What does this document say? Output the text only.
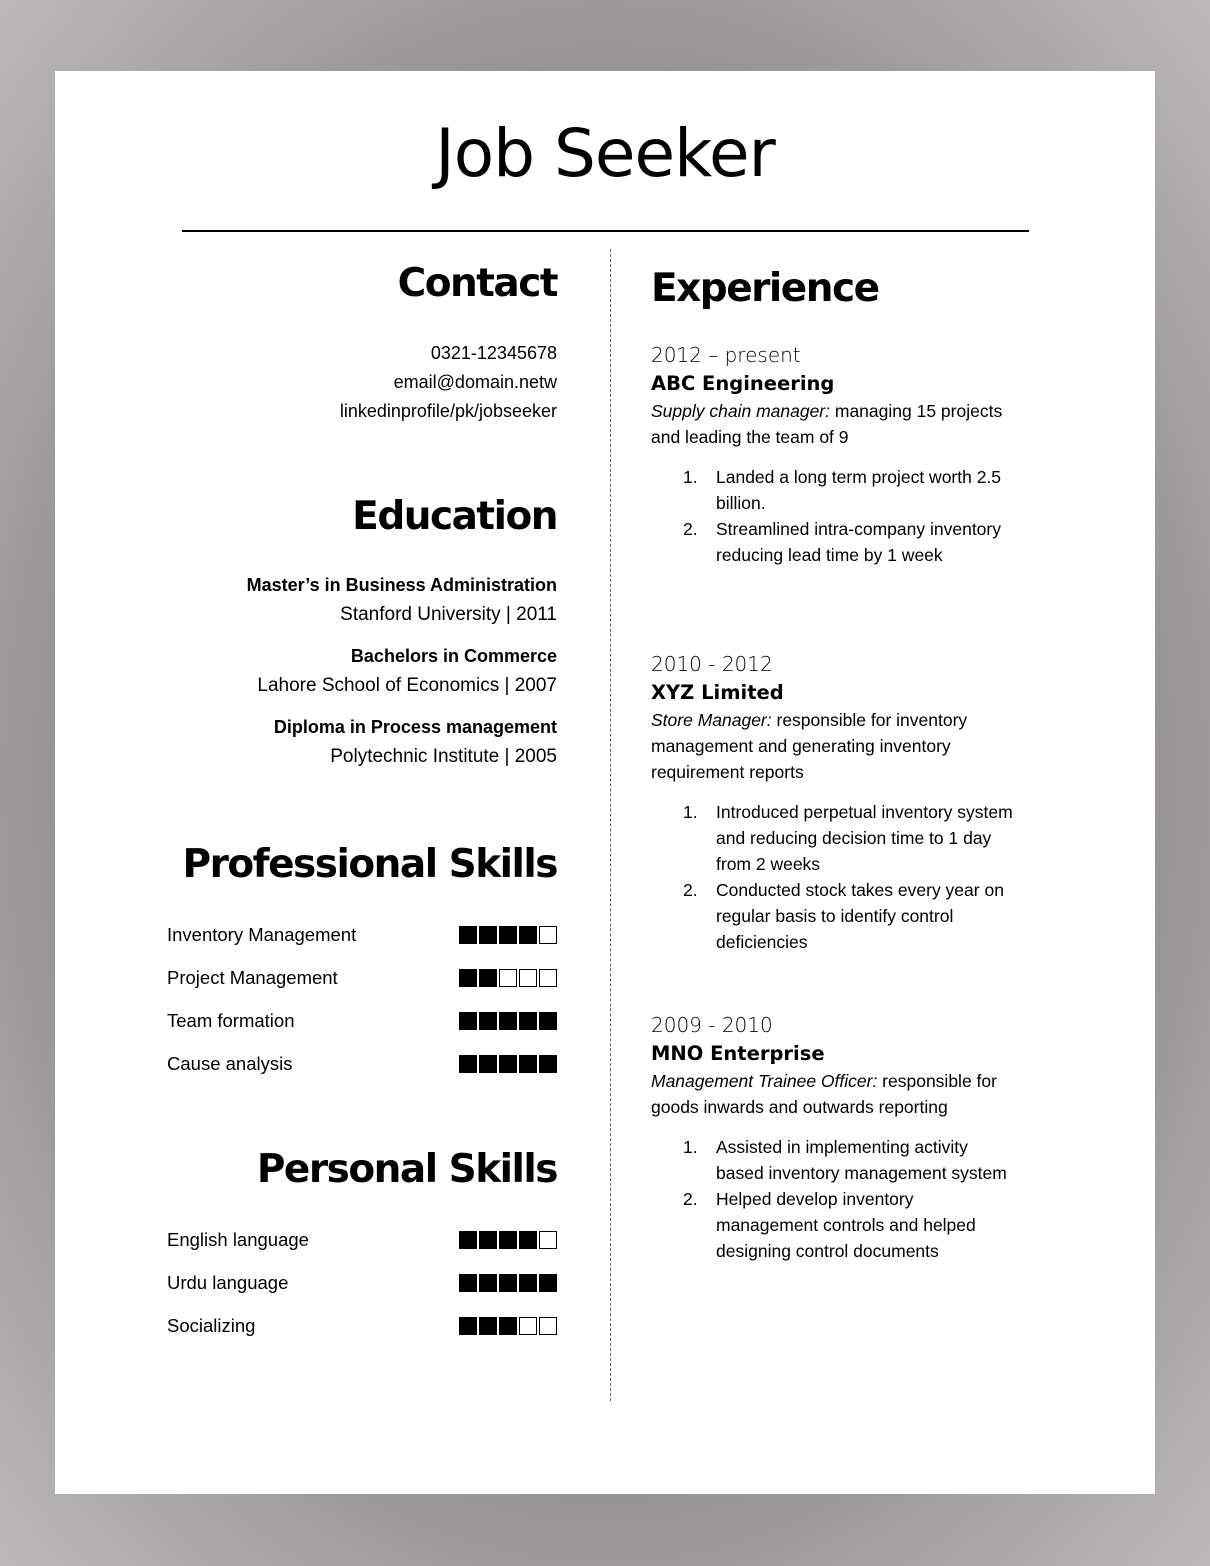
Job Seeker
Contact
0321-12345678
email@domain.netw
linkedinprofile/pk/jobseeker
Education
Master’s in Business Administration
Stanford University | 2011
Bachelors in Commerce
Lahore School of Economics | 2007
Diploma in Process management
Polytechnic Institute | 2005
Professional Skills
Inventory Management
Project Management
Team formation
Cause analysis
Personal Skills
English language
Urdu language
Socializing
Experience
2012 – present
ABC Engineering
Supply chain manager: managing 15 projects and leading the team of 9
1. Landed a long term project worth 2.5 billion.
2. Streamlined intra-company inventory reducing lead time by 1 week
2010 - 2012
XYZ Limited
Store Manager: responsible for inventory management and generating inventory requirement reports
1. Introduced perpetual inventory system and reducing decision time to 1 day from 2 weeks
2. Conducted stock takes every year on regular basis to identify control deficiencies
2009 - 2010
MNO Enterprise
Management Trainee Officer: responsible for goods inwards and outwards reporting
1. Assisted in implementing activity based inventory management system
2. Helped develop inventory management controls and helped designing control documents
